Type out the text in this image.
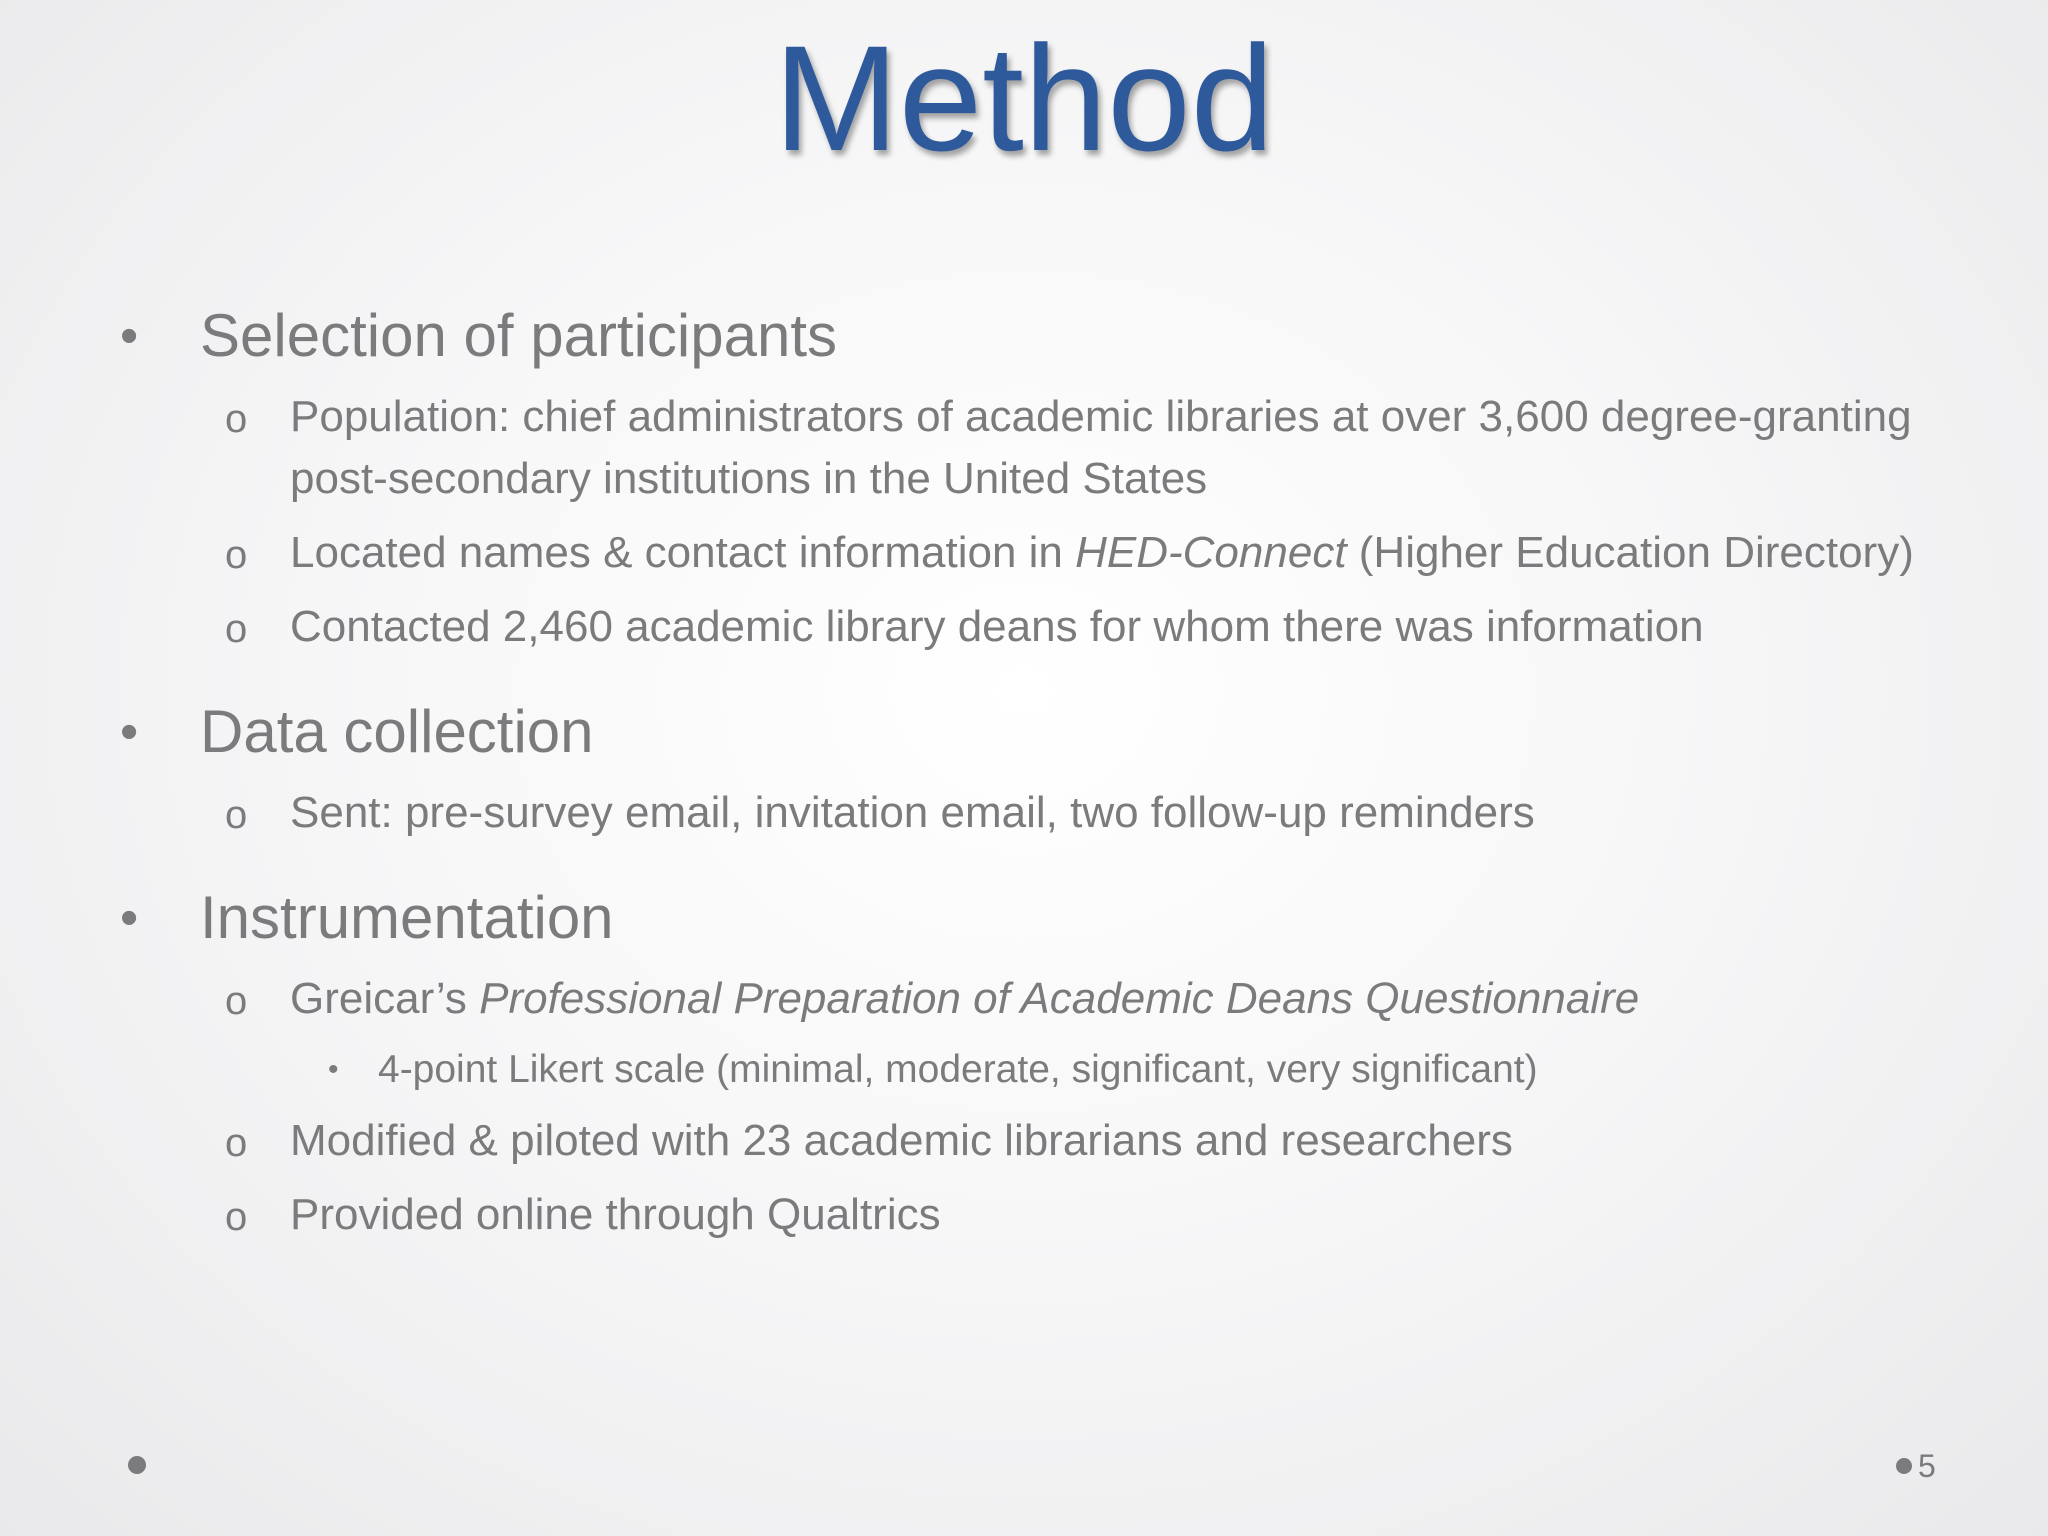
Method
• Selection of participants
o Population: chief administrators of academic libraries at over 3,600 degree-granting post-secondary institutions in the United States
o Located names & contact information in HED-Connect (Higher Education Directory)
o Contacted 2,460 academic library deans for whom there was information
• Data collection
o Sent: pre-survey email, invitation email, two follow-up reminders
• Instrumentation
o Greicar’s Professional Preparation of Academic Deans Questionnaire
• 4-point Likert scale (minimal, moderate, significant, very significant)
o Modified & piloted with 23 academic librarians and researchers
o Provided online through Qualtrics
5
